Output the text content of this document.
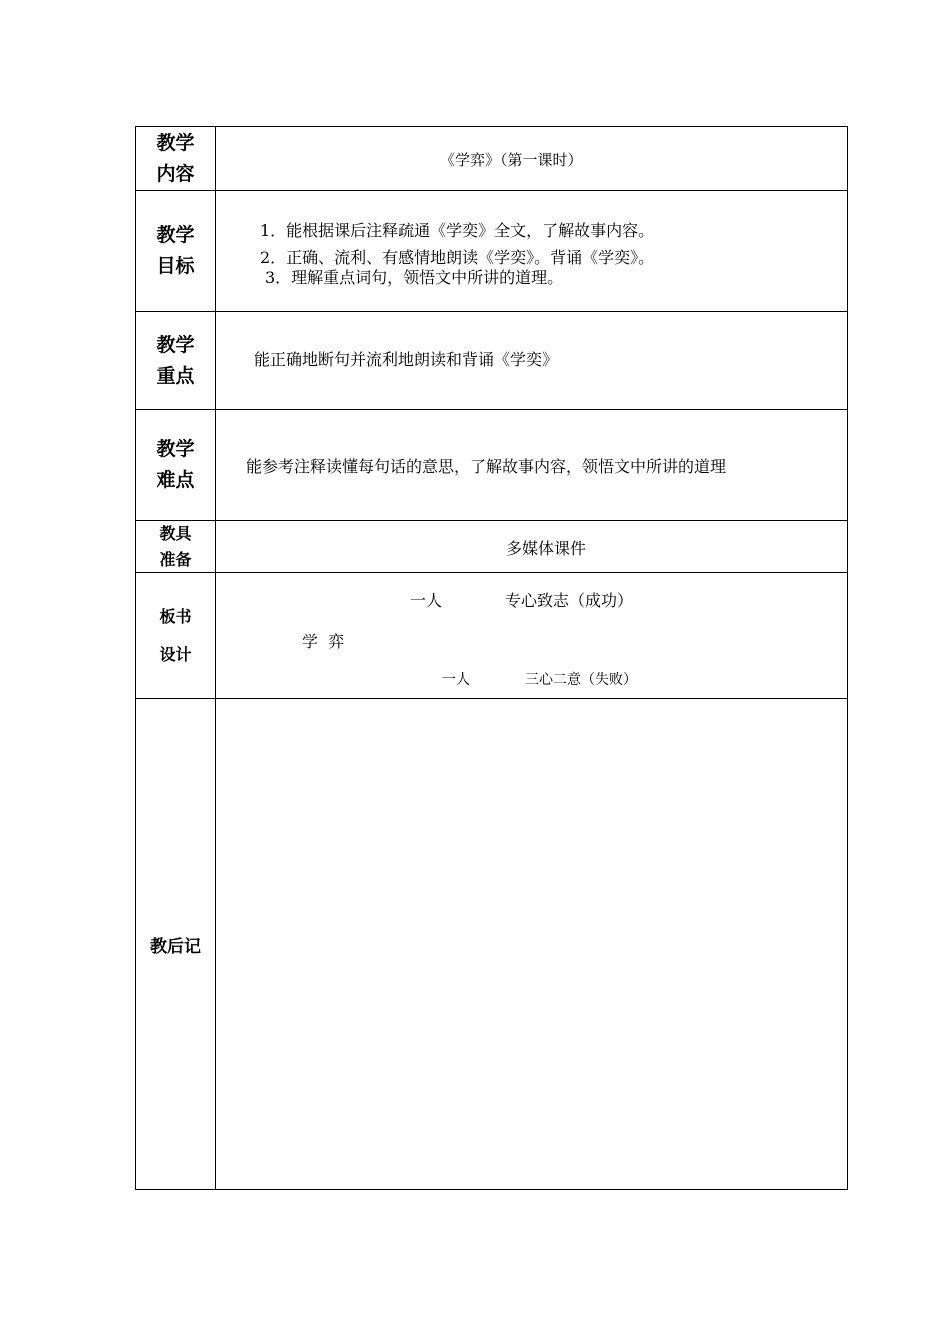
教学
内容
《学弈》（第一课时）
教学
目标
1．能根据课后注释疏通《学奕》全文，了解故事内容。
2．正确、流利、有感情地朗读《学奕》。背诵《学奕》。
3．理解重点词句，领悟文中所讲的道理。
教学
重点
能正确地断句并流利地朗读和背诵《学奕》
教学
难点
能参考注释读懂每句话的意思，了解故事内容，领悟文中所讲的道理
教具
准备
多媒体课件
板书
设计
一人	专心致志（成功）
学  弈
一人	三心二意（失败）
教后记
